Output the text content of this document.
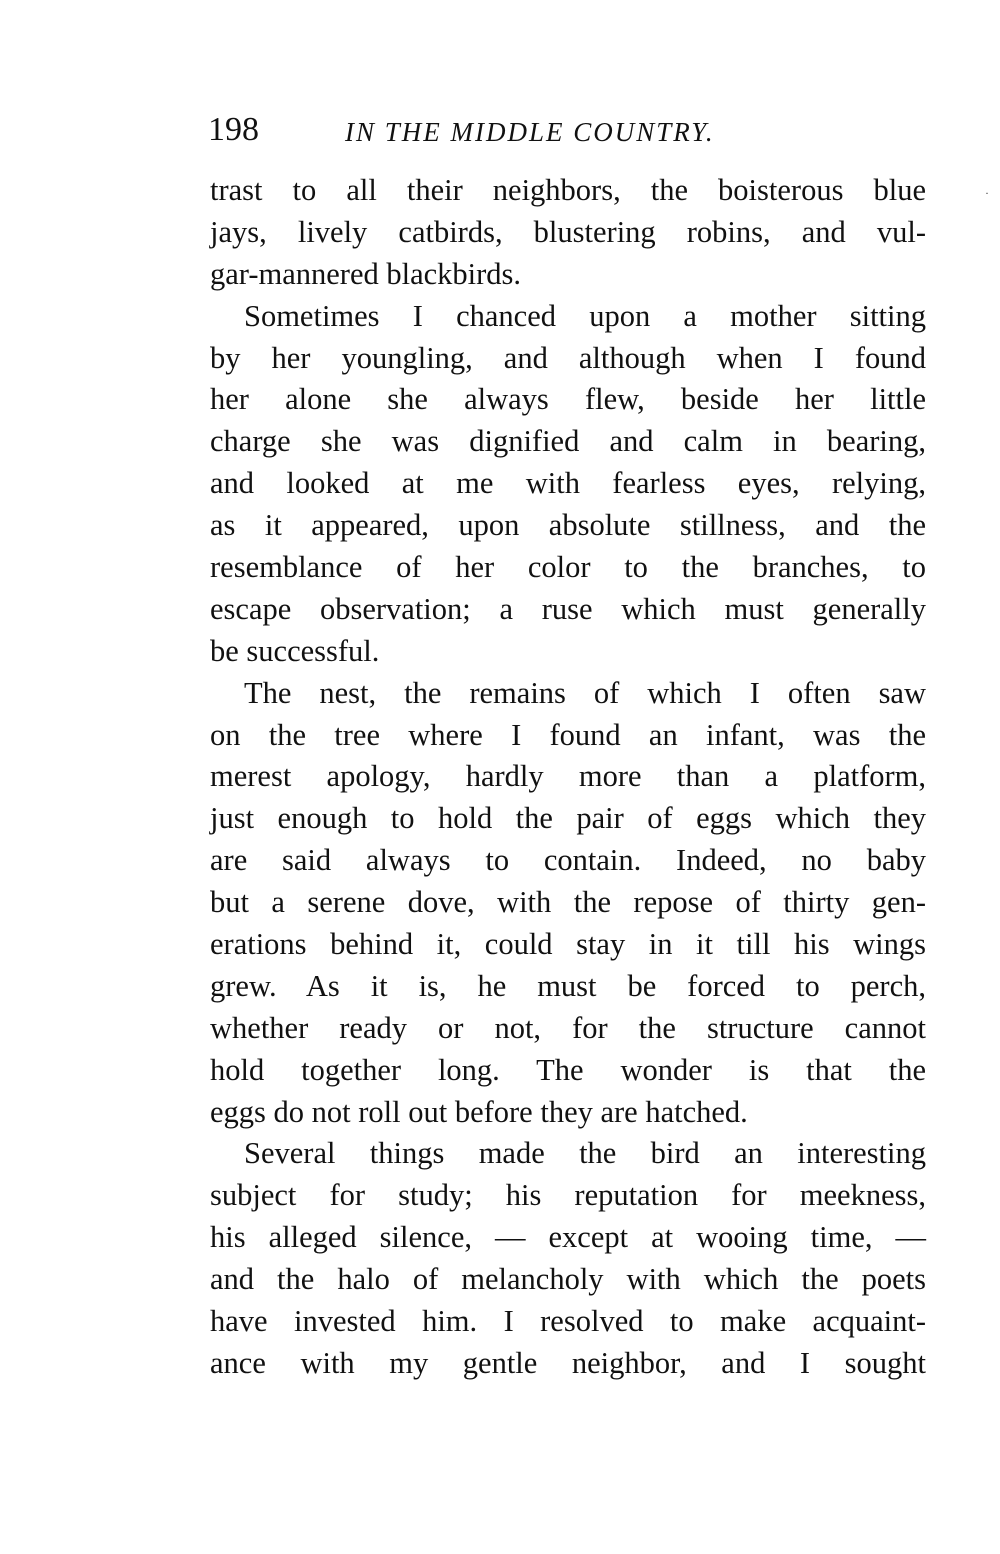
198	IN THE MIDDLE COUNTRY.
·
trast to all their neighbors, the boisterous blue
jays, lively catbirds, blustering robins, and vul-
gar-mannered blackbirds.
Sometimes I chanced upon a mother sitting
by her youngling, and although when I found
her alone she always flew, beside her little
charge she was dignified and calm in bearing,
and looked at me with fearless eyes, relying,
as it appeared, upon absolute stillness, and the
resemblance of her color to the branches, to
escape observation; a ruse which must generally
be successful.
The nest, the remains of which I often saw
on the tree where I found an infant, was the
merest apology, hardly more than a platform,
just enough to hold the pair of eggs which they
are said always to contain. Indeed, no baby
but a serene dove, with the repose of thirty gen-
erations behind it, could stay in it till his wings
grew. As it is, he must be forced to perch,
whether ready or not, for the structure cannot
hold together long. The wonder is that the
eggs do not roll out before they are hatched.
Several things made the bird an interesting
subject for study; his reputation for meekness,
his alleged silence, — except at wooing time, —
and the halo of melancholy with which the poets
have invested him. I resolved to make acquaint-
ance with my gentle neighbor, and I sought
